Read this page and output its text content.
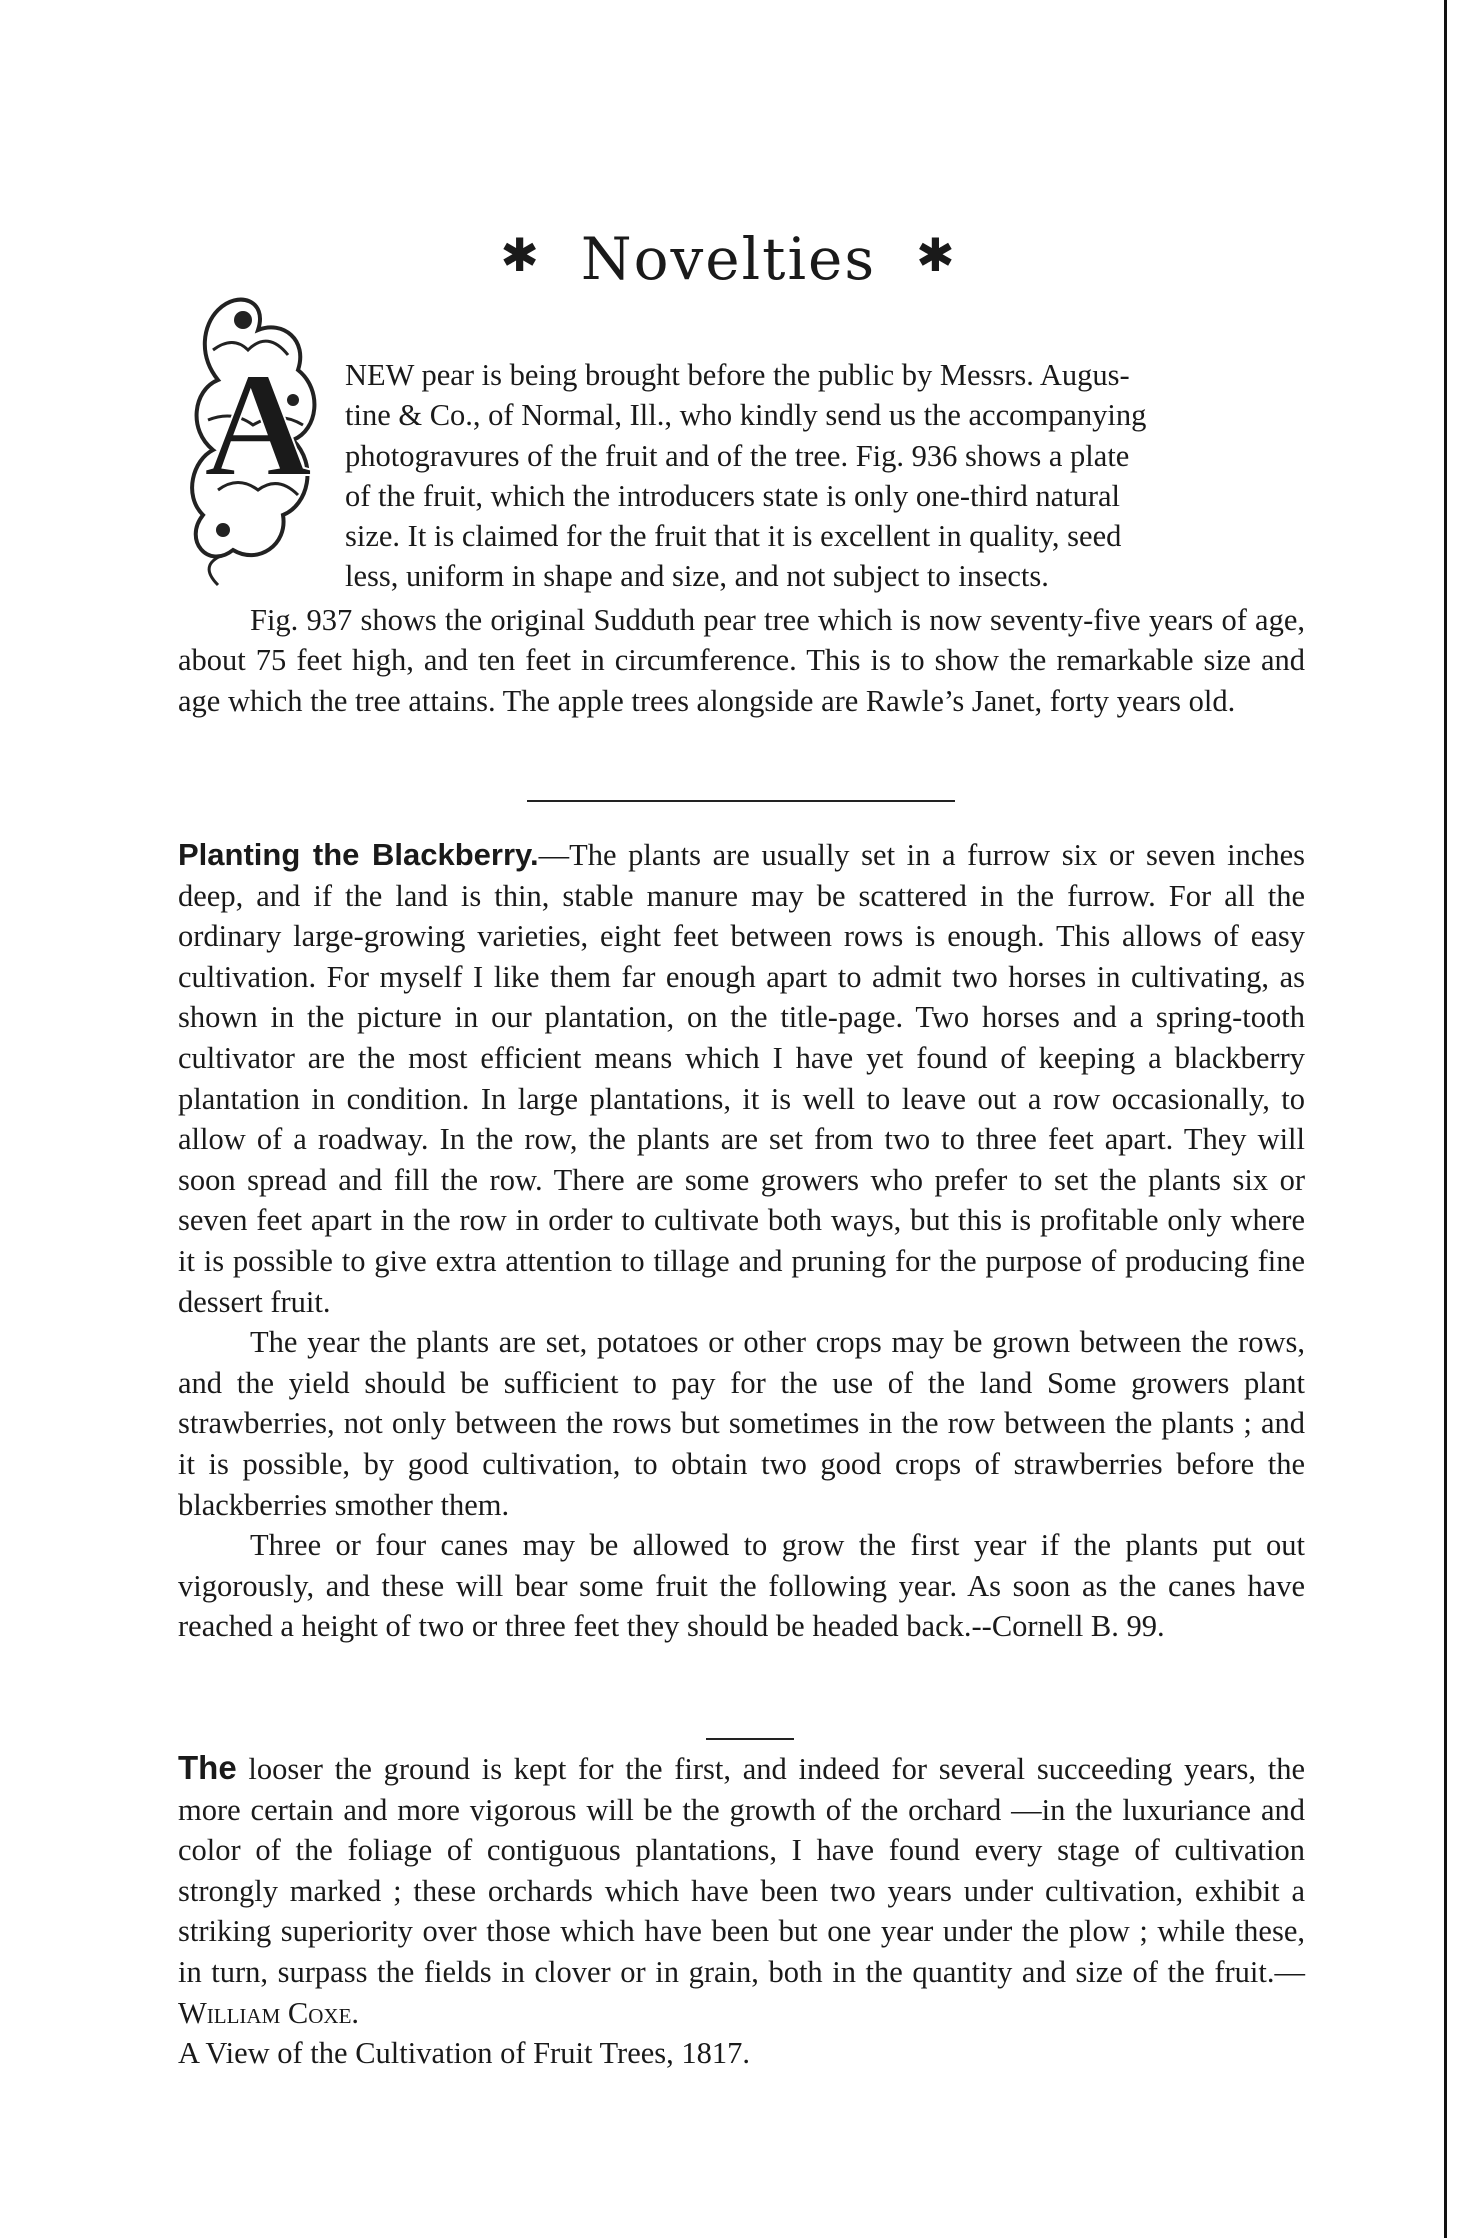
✱ Novelties ✱
A NEW pear is being brought before the public by Messrs. Augus-
tine & Co., of Normal, Ill., who kindly send us the accompanying
photogravures of the fruit and of the tree. Fig. 936 shows a plate
of the fruit, which the introducers state is only one-third natural
size. It is claimed for the fruit that it is excellent in quality, seed
less, uniform in shape and size, and not subject to insects.

Fig. 937 shows the original Sudduth pear tree which is now seventy-five years of age, about 75 feet high, and ten feet in circumference. This is to show the remarkable size and age which the tree attains. The apple trees alongside are Rawle’s Janet, forty years old.

Planting the Blackberry.—The plants are usually set in a furrow six or seven inches deep, and if the land is thin, stable manure may be scattered in the furrow. For all the ordinary large-growing varieties, eight feet between rows is enough. This allows of easy cultivation. For myself I like them far enough apart to admit two horses in cultivating, as shown in the picture in our plantation, on the title-page. Two horses and a spring-tooth cultivator are the most efficient means which I have yet found of keeping a blackberry plantation in condition. In large plantations, it is well to leave out a row occasionally, to allow of a roadway. In the row, the plants are set from two to three feet apart. They will soon spread and fill the row. There are some growers who prefer to set the plants six or seven feet apart in the row in order to cultivate both ways, but this is profitable only where it is possible to give extra attention to tillage and pruning for the purpose of producing fine dessert fruit.

The year the plants are set, potatoes or other crops may be grown between the rows, and the yield should be sufficient to pay for the use of the land Some growers plant strawberries, not only between the rows but sometimes in the row between the plants ; and it is possible, by good cultivation, to obtain two good crops of strawberries before the blackberries smother them.

Three or four canes may be allowed to grow the first year if the plants put out vigorously, and these will bear some fruit the following year. As soon as the canes have reached a height of two or three feet they should be headed back.--Cornell B. 99.

The looser the ground is kept for the first, and indeed for several succeeding years, the more certain and more vigorous will be the growth of the orchard —in the luxuriance and color of the foliage of contiguous plantations, I have found every stage of cultivation strongly marked ; these orchards which have been two years under cultivation, exhibit a striking superiority over those which have been but one year under the plow ; while these, in turn, surpass the fields in clover or in grain, both in the quantity and size of the fruit.—William Coxe.
A View of the Cultivation of Fruit Trees, 1817.
